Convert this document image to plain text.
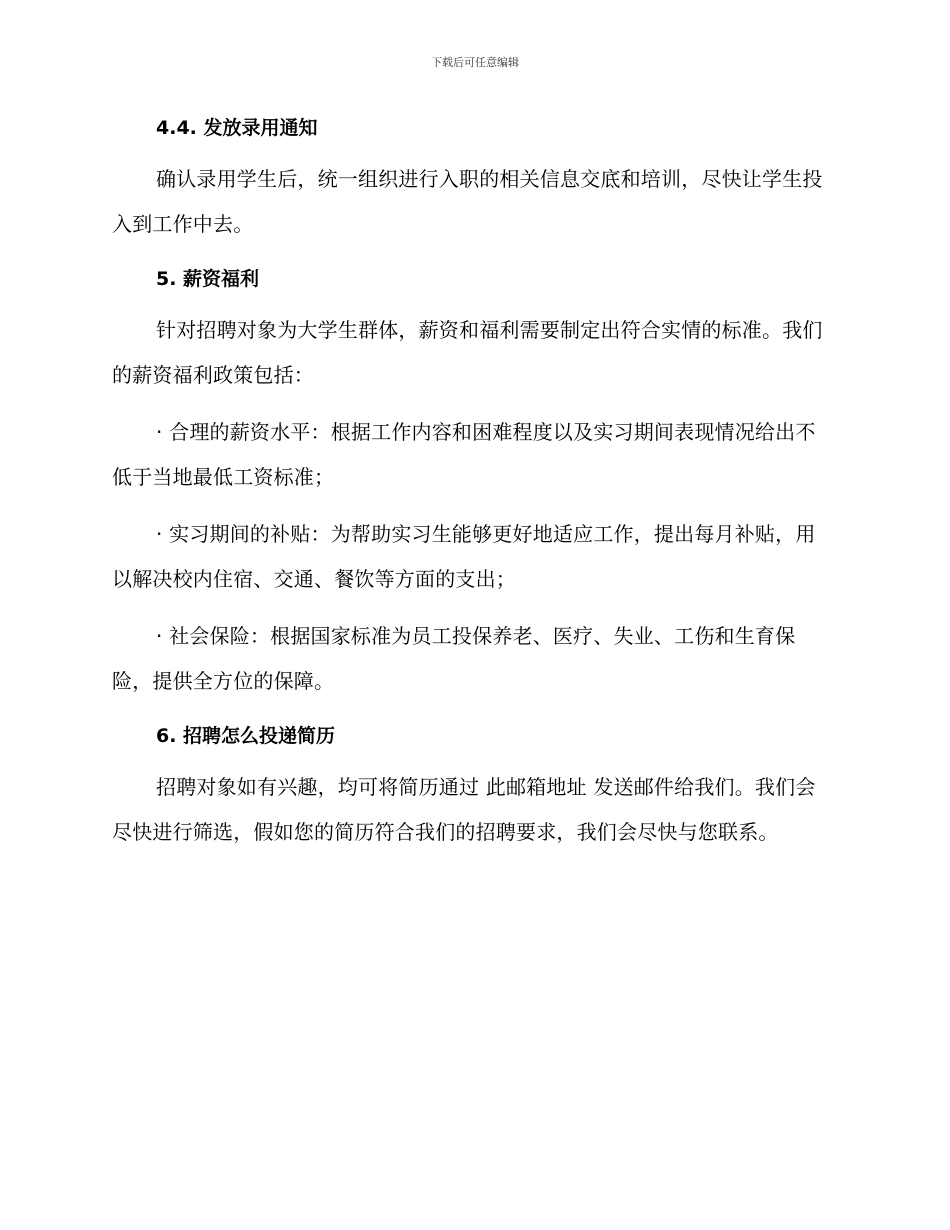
下载后可任意编辑
4.4. 发放录用通知

确认录用学生后，统一组织进行入职的相关信息交底和培训，尽快让学生投入到工作中去。

5. 薪资福利

针对招聘对象为大学生群体，薪资和福利需要制定出符合实情的标准。我们的薪资福利政策包括：

· 合理的薪资水平：根据工作内容和困难程度以及实习期间表现情况给出不低于当地最低工资标准；

· 实习期间的补贴：为帮助实习生能够更好地适应工作，提出每月补贴，用以解决校内住宿、交通、餐饮等方面的支出；

· 社会保险：根据国家标准为员工投保养老、医疗、失业、工伤和生育保险，提供全方位的保障。

6. 招聘怎么投递简历

招聘对象如有兴趣，均可将简历通过 此邮箱地址 发送邮件给我们。我们会尽快进行筛选，假如您的简历符合我们的招聘要求，我们会尽快与您联系。
